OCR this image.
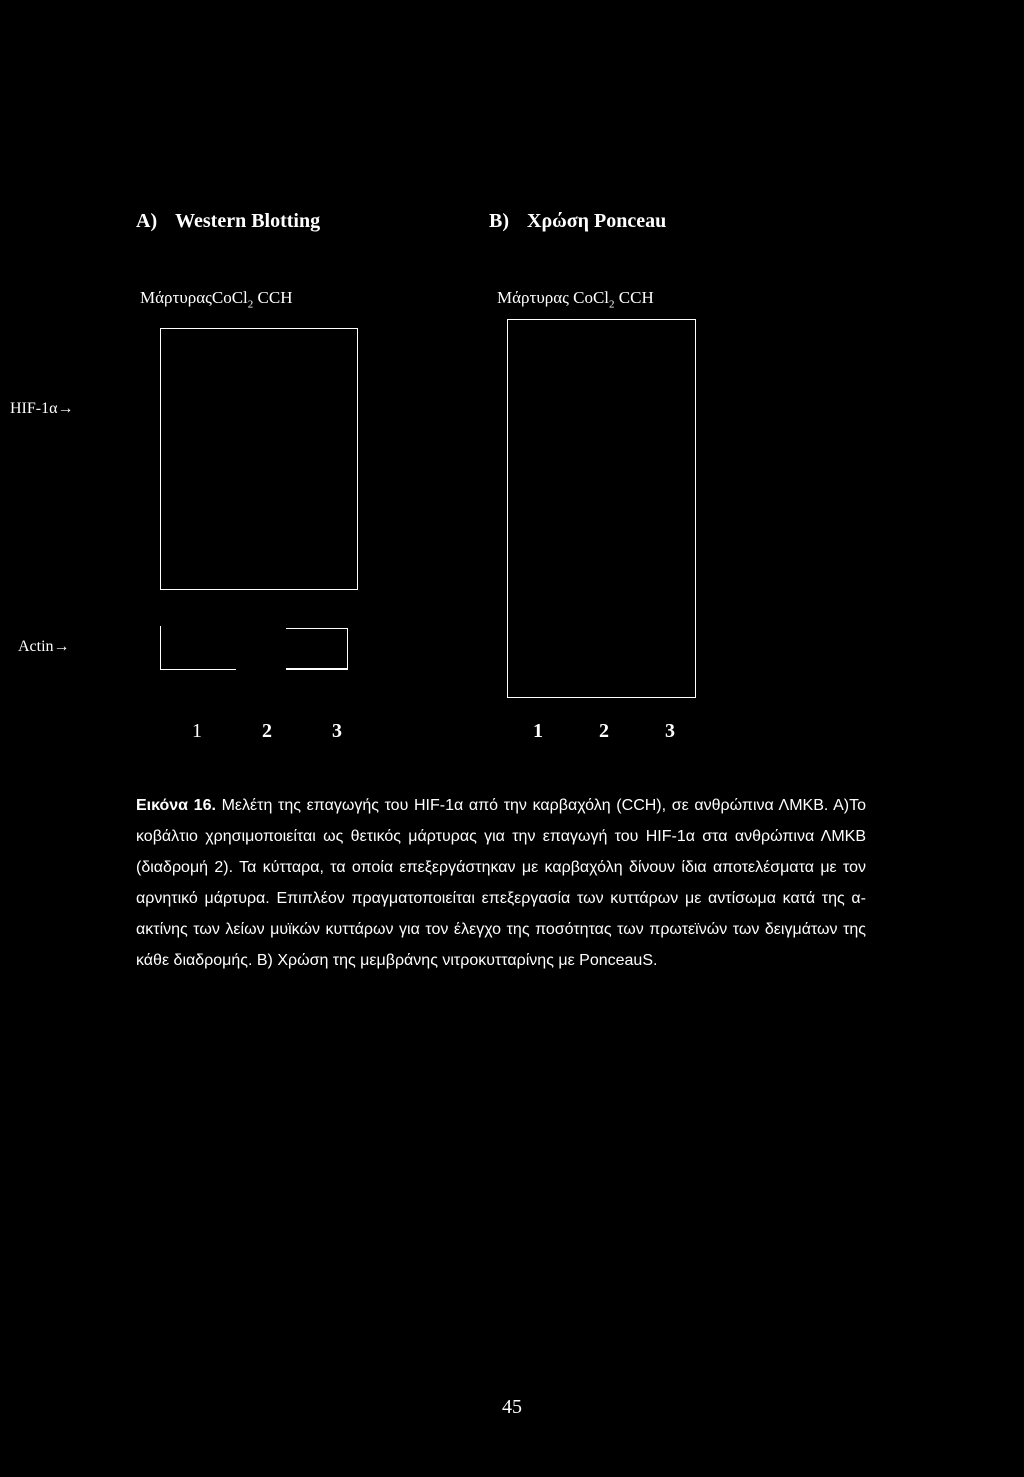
A) Western Blotting	B) Χρώση Ponceau
ΜάρτυραςCoCl$_2$ CCH	Μάρτυρας CoCl$_2$ CCH
HIF-1α→
Actin→
1	2	3	1	2	3
Εικόνα 16. Μελέτη της επαγωγής του HIF-1α από την καρβαχόλη (CCH), σε ανθρώπινα ΛΜΚΒ. Α)Το κοβάλτιο χρησιμοποιείται ως θετικός μάρτυρας για την επαγωγή του HIF-1α στα ανθρώπινα ΛΜΚΒ (διαδρομή 2). Τα κύτταρα, τα οποία επεξεργάστηκαν με καρβαχόλη δίνουν ίδια αποτελέσματα με τον αρνητικό μάρτυρα. Επιπλέον πραγματοποιείται επεξεργασία των κυττάρων με αντίσωμα κατά της α-ακτίνης των λείων μυϊκών κυττάρων για τον έλεγχο της ποσότητας των πρωτεϊνών των δειγμάτων της κάθε διαδρομής. Β) Χρώση της μεμβράνης νιτροκυτταρίνης με PonceauS.
45
